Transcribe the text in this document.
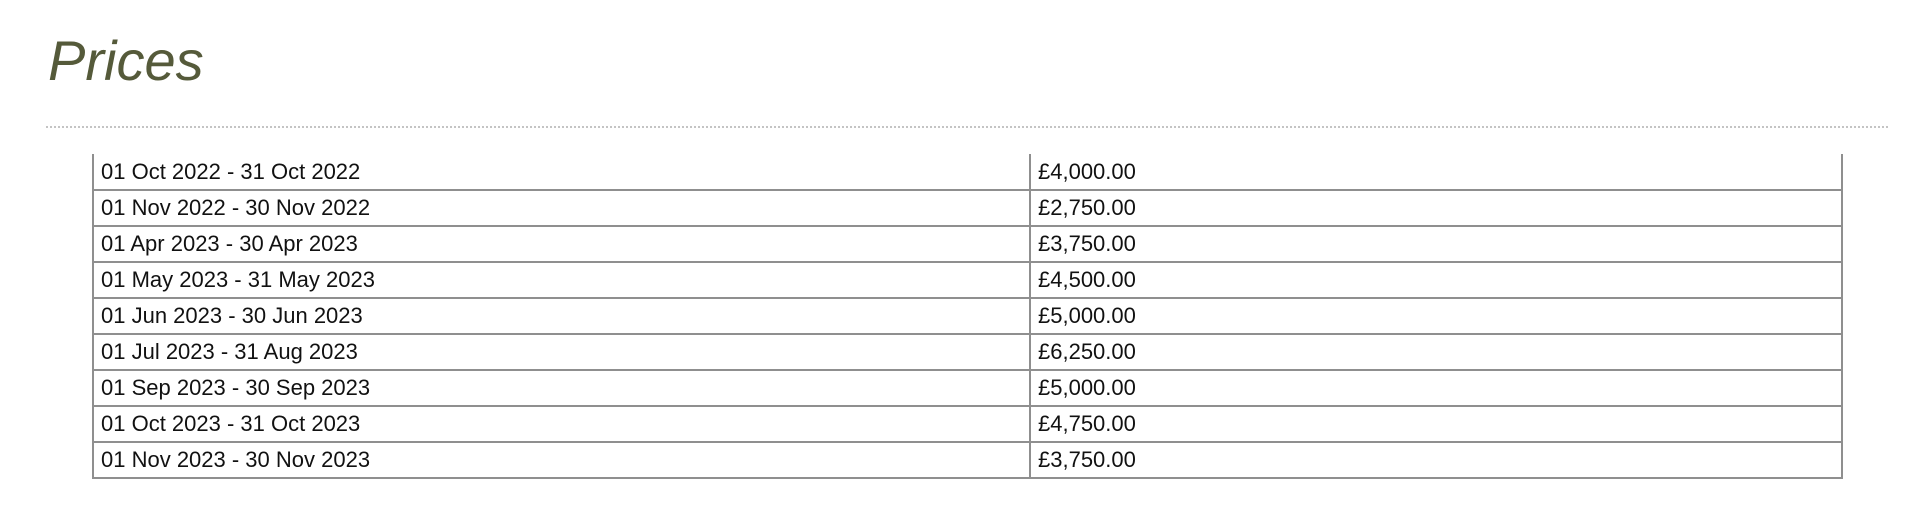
Prices
01 Oct 2022 - 31 Oct 2022	£4,000.00
01 Nov 2022 - 30 Nov 2022	£2,750.00
01 Apr 2023 - 30 Apr 2023	£3,750.00
01 May 2023 - 31 May 2023	£4,500.00
01 Jun 2023 - 30 Jun 2023	£5,000.00
01 Jul 2023 - 31 Aug 2023	£6,250.00
01 Sep 2023 - 30 Sep 2023	£5,000.00
01 Oct 2023 - 31 Oct 2023	£4,750.00
01 Nov 2023 - 30 Nov 2023	£3,750.00
